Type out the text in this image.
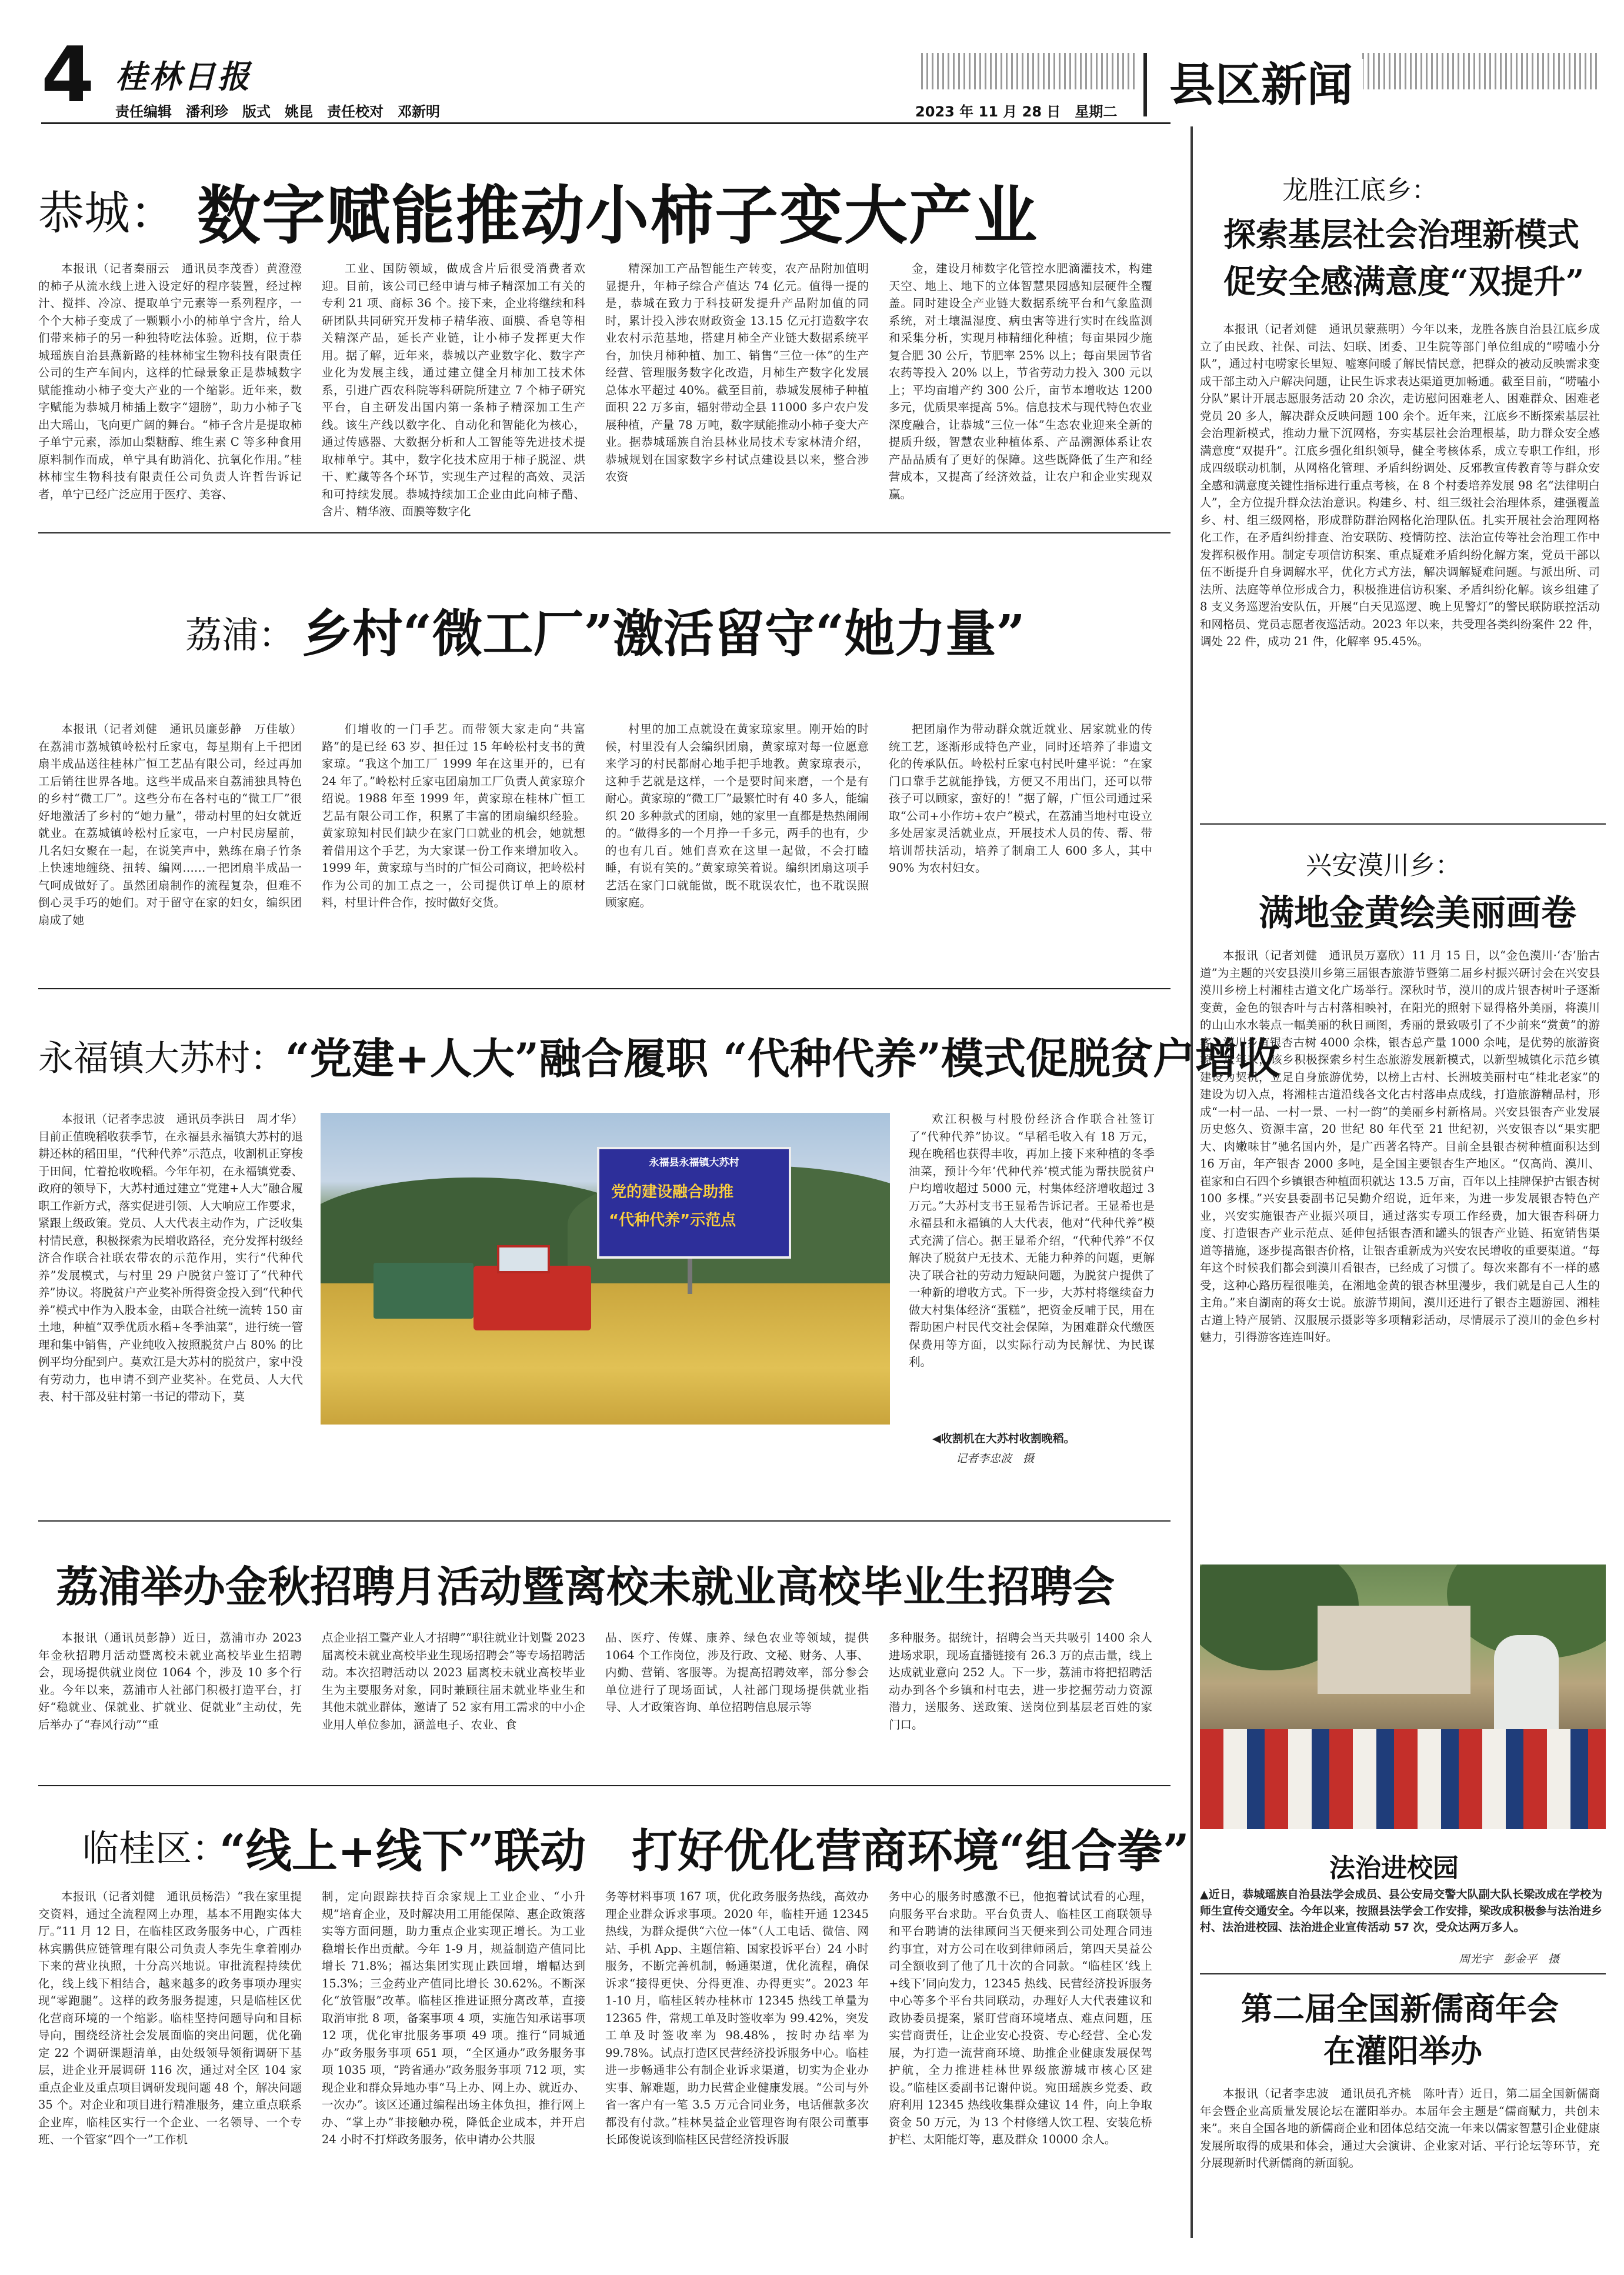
4 桂林日报
责任编辑　潘利珍　版式　姚昆　责任校对　邓新明	2023 年 11 月 28 日　星期二 县区新闻
恭城： 数字赋能推动小柿子变大产业
本报讯（记者秦丽云　通讯员李茂香）黄澄澄的柿子从流水线上进入设定好的程序装置，经过榨汁、搅拌、冷凉、提取单宁元素等一系列程序，一个个大柿子变成了一颗颗小小的柿单宁含片，给人们带来柿子的另一种独特吃法体验。近期，位于恭城瑶族自治县燕新路的桂林柿宝生物科技有限责任公司的生产车间内，这样的忙碌景象正是恭城数字赋能推动小柿子变大产业的一个缩影。近年来，数字赋能为恭城月柿插上数字“翅膀”，助力小柿子飞出大瑶山，飞向更广阔的舞台。“柿子含片是提取柿子单宁元素，添加山梨糖醇、维生素 C 等多种食用原料制作而成，单宁具有助消化、抗氧化作用。”桂林柿宝生物科技有限责任公司负责人许哲告诉记者，单宁已经广泛应用于医疗、美容、
工业、国防领域，做成含片后很受消费者欢迎。目前，该公司已经申请与柿子精深加工有关的专利 21 项、商标 36 个。接下来，企业将继续和科研团队共同研究开发柿子精华液、面膜、香皂等相关精深产品，延长产业链，让小柿子发挥更大作用。据了解，近年来，恭城以产业数字化、数字产业化为发展主线，通过建立健全月柿加工技术体系，引进广西农科院等科研院所建立 7 个柿子研究平台，自主研发出国内第一条柿子精深加工生产线。该生产线以数字化、自动化和智能化为核心，通过传感器、大数据分析和人工智能等先进技术提取柿单宁。其中，数字化技术应用于柿子脱涩、烘干、贮藏等各个环节，实现生产过程的高效、灵活和可持续发展。恭城持续加工企业由此向柿子醋、含片、精华液、面膜等数字化
精深加工产品智能生产转变，农产品附加值明显提升，年柿子综合产值达 74 亿元。值得一提的是，恭城在致力于科技研发提升产品附加值的同时，累计投入涉农财政资金 13.15 亿元打造数字农业农村示范基地，搭建月柿全产业链大数据系统平台，加快月柿种植、加工、销售“三位一体”的生产经营、管理服务数字化改造，月柿生产数字化发展总体水平超过 40%。截至目前，恭城发展柿子种植面积 22 万多亩，辐射带动全县 11000 多户农户发展种植，产量 78 万吨，数字赋能推动小柿子变大产业。据恭城瑶族自治县林业局技术专家林清介绍，恭城规划在国家数字乡村试点建设县以来，整合涉农资
金，建设月柿数字化管控水肥滴灌技术，构建天空、地上、地下的立体智慧果园感知层硬件全覆盖。同时建设全产业链大数据系统平台和气象监测系统，对土壤温湿度、病虫害等进行实时在线监测和采集分析，实现月柿精细化种植；每亩果园少施复合肥 30 公斤，节肥率 25% 以上；每亩果园节省农药等投入 20% 以上，节省劳动力投入 300 元以上；平均亩增产约 300 公斤，亩节本增收达 1200 多元，优质果率提高 5%。信息技术与现代特色农业深度融合，让恭城“三位一体”生态农业迎来全新的提质升级，智慧农业种植体系、产品溯源体系让农产品品质有了更好的保障。这些既降低了生产和经营成本，又提高了经济效益，让农户和企业实现双赢。
荔浦： 乡村“微工厂”激活留守“她力量”
本报讯（记者刘健　通讯员廉彭静　万佳敏）在荔浦市荔城镇岭松村丘家屯，每星期有上千把团扇半成品送往桂林广恒工艺品有限公司，经过再加工后销往世界各地。这些半成品来自荔浦独具特色的乡村“微工厂”。这些分布在各村屯的“微工厂”很好地激活了乡村的“她力量”，带动村里的妇女就近就业。在荔城镇岭松村丘家屯，一户村民房屋前，几名妇女聚在一起，在说笑声中，熟练在扇子竹条上快速地缠绕、扭转、编网……一把团扇半成品一气呵成做好了。虽然团扇制作的流程复杂，但难不倒心灵手巧的她们。对于留守在家的妇女，编织团扇成了她
们增收的一门手艺。而带领大家走向“共富路”的是已经 63 岁、担任过 15 年岭松村支书的黄家琼。“我这个加工厂 1999 年在这里开的，已有 24 年了。”岭松村丘家屯团扇加工厂负责人黄家琼介绍说。1988 年至 1999 年，黄家琼在桂林广恒工艺品有限公司工作，积累了丰富的团扇编织经验。黄家琼知村民们缺少在家门口就业的机会，她就想着借用这个手艺，为大家谋一份工作来增加收入。1999 年，黄家琼与当时的广恒公司商议，把岭松村作为公司的加工点之一，公司提供订单上的原材料，村里计件合作，按时做好交货。
村里的加工点就设在黄家琼家里。刚开始的时候，村里没有人会编织团扇，黄家琼对每一位愿意来学习的村民都耐心地手把手地教。黄家琼表示，这种手艺就是这样，一个是要时间来磨，一个是有耐心。黄家琼的“微工厂”最繁忙时有 40 多人，能编织 20 多种款式的团扇，她的家里一直都是热热闹闹的。“做得多的一个月挣一千多元，两手的也有，少的也有几百。她们喜欢在这里一起做，不会打瞌睡，有说有笑的。”黄家琼笑着说。编织团扇这项手艺活在家门口就能做，既不耽误农忙，也不耽误照顾家庭。
把团扇作为带动群众就近就业、居家就业的传统工艺，逐渐形成特色产业，同时还培养了非遗文化的传承队伍。岭松村丘家屯村民叶建平说：“在家门口靠手艺就能挣钱，方便又不用出门，还可以带孩子可以顾家，蛮好的！”据了解，广恒公司通过采取“公司+小作坊+农户”模式，在荔浦当地村屯设立多处居家灵活就业点，开展技术人员的传、帮、带培训帮扶活动，培养了制扇工人 600 多人，其中 90% 为农村妇女。
永福镇大苏村： “党建+人大”融合履职 “代种代养”模式促脱贫户增收
本报讯（记者李忠波　通讯员李洪日　周才华）目前正值晚稻收获季节，在永福县永福镇大苏村的退耕还林的稻田里，“代种代养”示范点，收割机正穿梭于田间，忙着抢收晚稻。今年年初，在永福镇党委、政府的领导下，大苏村通过建立“党建+人大”融合履职工作新方式，落实促进引领、人大响应工作要求，紧跟上级政策。党员、人大代表主动作为，广泛收集村情民意，积极探索为民增收路径，充分发挥村级经济合作联合社联农带农的示范作用，实行“代种代养”发展模式，与村里 29 户脱贫户签订了“代种代养”协议。将脱贫户产业奖补所得资金投入到“代种代养”模式中作为入股本金，由联合社统一流转 150 亩土地，种植“双季优质水稻+冬季油菜”，进行统一管理和集中销售，产业纯收入按照脱贫户占 80% 的比例平均分配到户。莫欢江是大苏村的脱贫户，家中没有劳动力，也申请不到产业奖补。在党员、人大代表、村干部及驻村第一书记的带动下，莫
永福县永福镇大苏村
党的建设融合助推
“代种代养”示范点
欢江积极与村股份经济合作联合社签订了“代种代养”协议。“早稻毛收入有 18 万元，现在晚稻也获得丰收，再加上接下来种植的冬季油菜，预计今年‘代种代养’模式能为帮扶脱贫户户均增收超过 5000 元，村集体经济增收超过 3 万元。”大苏村支书王显希告诉记者。王显希也是永福县和永福镇的人大代表，他对“代种代养”模式充满了信心。据王显希介绍，“代种代养”不仅解决了脱贫户无技术、无能力种养的问题，更解决了联合社的劳动力短缺问题，为脱贫户提供了一种新的增收方式。下一步，大苏村将继续奋力做大村集体经济“蛋糕”，把资金反哺于民，用在帮助困户村民代交社会保障，为困难群众代缴医保费用等方面，以实际行动为民解忧、为民谋利。
◀收割机在大苏村收割晚稻。
记者李忠波　摄
荔浦举办金秋招聘月活动暨离校未就业高校毕业生招聘会
本报讯（通讯员彭静）近日，荔浦市办 2023 年金秋招聘月活动暨离校未就业高校毕业生招聘会，现场提供就业岗位 1064 个，涉及 10 多个行业。今年以来，荔浦市人社部门积极打造平台，打好“稳就业、保就业、扩就业、促就业”主动仗，先后举办了“春风行动”“重
点企业招工暨产业人才招聘”“职往就业计划暨 2023 届离校未就业高校毕业生现场招聘会”等专场招聘活动。本次招聘活动以 2023 届离校未就业高校毕业生为主要服务对象，同时兼顾往届未就业毕业生和其他未就业群体，邀请了 52 家有用工需求的中小企业用人单位参加，涵盖电子、农业、食
品、医疗、传媒、康养、绿色农业等领域，提供 1064 个工作岗位，涉及行政、文秘、财务、人事、内勤、营销、客服等。为提高招聘效率，部分参会单位进行了现场面试，人社部门现场提供就业指导、人才政策咨询、单位招聘信息展示等
多种服务。据统计，招聘会当天共吸引 1400 余人进场求职，现场直播链接有 26.3 万的点击量，线上达成就业意向 252 人。下一步，荔浦市将把招聘活动办到各个乡镇和村屯去，进一步挖掘劳动力资源潜力，送服务、送政策、送岗位到基层老百姓的家门口。
临桂区：
“线上+线下”联动　打好优化营商环境“组合拳”
本报讯（记者刘健　通讯员杨浩）“我在家里提交资料，通过全流程网上办理，基本不用跑实体大厅。”11 月 12 日，在临桂区政务服务中心，广西桂林宾鹏供应链管理有限公司负责人李先生拿着刚办下来的营业执照，十分高兴地说。审批流程持续优化，线上线下相结合，越来越多的政务事项办理实现“零跑腿”。这样的政务服务提速，只是临桂区优化营商环境的一个缩影。临桂坚持问题导向和目标导向，围绕经济社会发展面临的突出问题，优化确定 22 个调研课题清单，由处级领导领衔调研下基层，进企业开展调研 116 次，通过对全区 104 家重点企业及重点项目调研发现问题 48 个，解决问题 35 个。对企业和项目进行精准服务，建立重点联系企业库，临桂区实行一个企业、一名领导、一个专班、一个管家“四个一”工作机
制，定向跟踪扶持百余家规上工业企业、“小升规”培育企业，及时解决用工用能保障、惠企政策落实等方面问题，助力重点企业实现正增长。为工业稳增长作出贡献。今年 1-9 月，规益制造产值同比增长 71.8%；福达集团实现止跌回增，增幅达到 15.3%；三金药业产值同比增长 30.62%。不断深化“放管服”改革。临桂区推进证照分离改革，直接取消审批 8 项，备案事项 4 项，实施告知承诺事项 12 项，优化审批服务事项 49 项。推行“同城通办”政务服务事项 651 项，“全区通办”政务服务事项 1035 项，“跨省通办”政务服务事项 712 项，实现企业和群众异地办事“马上办、网上办、就近办、一次办”。该区还通过编程出场主体负担，推行网上办、“掌上办”非接触办税，降低企业成本，并开启 24 小时不打烊政务服务，依申请办公共服
务等材料事项 167 项，优化政务服务热线，高效办理企业群众诉求事项。2020 年，临桂开通 12345 热线，为群众提供“六位一体”（人工电话、微信、网站、手机 App、主题信箱、国家投诉平台）24 小时服务，不断完善机制，畅通渠道，优化流程，确保诉求“接得更快、分得更准、办得更实”。2023 年 1-10 月，临桂区转办桂林市 12345 热线工单量为 12365 件，常规工单及时签收率为 99.42%，突发工单及时签收率为 98.48%，按时办结率为 99.78%。试点打造区民营经济投诉服务中心。临桂进一步畅通非公有制企业诉求渠道，切实为企业办实事、解难题，助力民营企业健康发展。“公司与外省一客户有一笔 3.5 万元合同业务，电话催款多次都没有付款。”桂林昊益企业管理咨询有限公司董事长邱俊说该到临桂区民营经济投诉服
务中心的服务时感激不已，他抱着试试看的心理，向服务平台求助。平台负责人、临桂区工商联领导和平台聘请的法律顾问当天便来到公司处理合同违约事宜，对方公司在收到律师函后，第四天昊益公司全额收到了他了几十次的合同款。“临桂区‘线上+线下’同向发力，12345 热线、民营经济投诉服务中心等多个平台共同联动，办理好人大代表建议和政协委员提案，紧盯营商环境堵点、难点问题，压实营商责任，让企业安心投资、专心经营、全心发展，为打造一流营商环境、助推企业健康发展保驾护航，全力推进桂林世界级旅游城市核心区建设。”临桂区委副书记谢仲说。宛田瑶族乡党委、政府利用 12345 热线收集群众建议 14 件，向上争取资金 50 万元，为 13 个村修缮人饮工程、安装危桥护栏、太阳能灯等，惠及群众 10000 余人。
龙胜江底乡：
探索基层社会治理新模式
促安全感满意度“双提升”
本报讯（记者刘健　通讯员蒙燕明）今年以来，龙胜各族自治县江底乡成立了由民政、社保、司法、妇联、团委、卫生院等部门单位组成的“唠嗑小分队”，通过村屯唠家长里短、嘘寒问暖了解民情民意，把群众的被动反映需求变成干部主动入户解决问题，让民生诉求表达渠道更加畅通。截至目前，“唠嗑小分队”累计开展志愿服务活动 20 余次，走访慰问困难老人、困难群众、困难老党员 20 多人，解决群众反映问题 100 余个。近年来，江底乡不断探索基层社会治理新模式，推动力量下沉网格，夯实基层社会治理根基，助力群众安全感满意度“双提升”。江底乡强化组织领导，健全考核体系，成立专职工作组，形成四级联动机制，从网格化管理、矛盾纠纷调处、反邪教宣传教育等与群众安全感和满意度关键性指标进行重点考核，在 8 个村委培养发展 98 名“法律明白人”，全方位提升群众法治意识。构建乡、村、组三级社会治理体系，建强覆盖乡、村、组三级网格，形成群防群治网格化治理队伍。扎实开展社会治理网格化工作，在矛盾纠纷排查、治安联防、疫情防控、法治宣传等社会治理工作中发挥积极作用。制定专项信访积案、重点疑难矛盾纠纷化解方案，党员干部以伍不断提升自身调解水平，优化方式方法，解决调解疑难问题。与派出所、司法所、法庭等单位形成合力，积极推进信访积案、矛盾纠纷化解。该乡组建了 8 支义务巡逻治安队伍，开展“白天见巡逻、晚上见警灯”的警民联防联控活动和网格员、党员志愿者夜巡活动。2023 年以来，共受理各类纠纷案件 22 件，调处 22 件，成功 21 件，化解率 95.45%。
兴安漠川乡：
满地金黄绘美丽画卷
本报讯（记者刘健　通讯员万嘉欣）11 月 15 日，以“金色漠川·‘杏’胎古道”为主题的兴安县漠川乡第三届银杏旅游节暨第二届乡村振兴研讨会在兴安县漠川乡榜上村湘桂古道文化广场举行。深秋时节，漠川的成片银杏树叶子逐渐变黄，金色的银杏叶与古村落相映衬，在阳光的照射下显得格外美丽，将漠川的山山水水装点一幅美丽的秋日画图，秀丽的景致吸引了不少前来“赏黄”的游客。漠川乡有银杏古树 4000 余株，银杏总产量 1000 余吨，是优势的旅游资源。近年来，该乡积极探索乡村生态旅游发展新模式，以新型城镇化示范乡镇建设为契机，立足自身旅游优势，以榜上古村、长洲坡美丽村屯“桂北老家”的建设为切入点，将湘桂古道沿线各文化古村落串点成线，打造旅游精品村，形成“一村一品、一村一景、一村一韵”的美丽乡村新格局。兴安县银杏产业发展历史悠久、资源丰富，20 世纪 80 年代至 21 世纪初，兴安银杏以“果实肥大、肉嫩味甘”驰名国内外，是广西著名特产。目前全县银杏树种植面积达到 16 万亩，年产银杏 2000 多吨，是全国主要银杏生产地区。“仅高尚、漠川、崔家和白石四个乡镇银杏种植面积就达 13.5 万亩，百年以上挂牌保护古银杏树 100 多棵。”兴安县委副书记吴勤介绍说，近年来，为进一步发展银杏特色产业，兴安实施银杏产业振兴项目，通过落实专项工作经费，加大银杏科研力度、打造银杏产业示范点、延伸包括银杏酒和罐头的银杏产业链、拓宽销售渠道等措施，逐步提高银杏价格，让银杏重新成为兴安农民增收的重要渠道。“每年这个时候我们都会到漠川看银杏，已经成了习惯了。每次来都有不一样的感受，这种心路历程很唯美，在湘地金黄的银杏林里漫步，我们就是自己人生的主角。”来自湖南的蒋女士说。旅游节期间，漠川还进行了银杏主题游园、湘桂古道上特产展销、汉服展示摄影等多项精彩活动，尽情展示了漠川的金色乡村魅力，引得游客连连叫好。
法治进校园
▲近日，恭城瑶族自治县法学会成员、县公安局交警大队副大队长梁改成在学校为师生宣传交通安全。今年以来，按照县法学会工作安排，梁改成积极参与法治进乡村、法治进校园、法治进企业宣传活动 57 次，受众达两万多人。
周光宇　彭金平　摄
第二届全国新儒商年会
在灌阳举办
本报讯（记者李忠波　通讯员孔齐桃　陈叶青）近日，第二届全国新儒商年会暨企业高质量发展论坛在灌阳举办。本届年会主题是“儒商赋力，共创未来”。来自全国各地的新儒商企业和团体总结交流一年来以儒家智慧引企业健康发展所取得的成果和体会，通过大会演讲、企业家对话、平行论坛等环节，充分展现新时代新儒商的新面貌。
